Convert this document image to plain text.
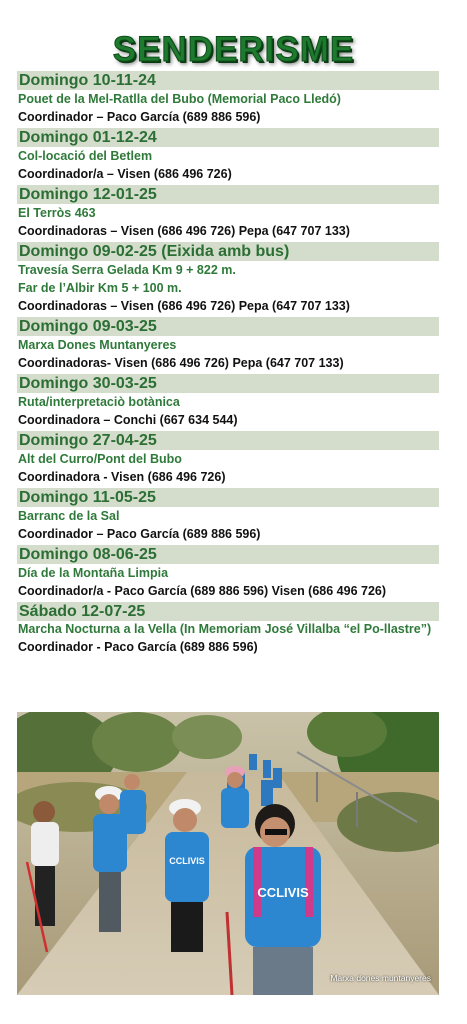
SENDERISME
Domingo 10-11-24
Pouet de la Mel-Ratlla del Bubo (Memorial Paco Lledó)
Coordinador – Paco García (689 886 596)
Domingo 01-12-24
Col-locació del Betlem
Coordinador/a – Visen (686 496 726)
Domingo 12-01-25
El Terròs 463
Coordinadoras – Visen (686 496 726) Pepa (647 707 133)
Domingo 09-02-25 (Eixida amb bus)
Travesía Serra Gelada Km 9 + 822 m.
Far de l’Albir Km 5 + 100 m.
Coordinadoras – Visen (686 496 726) Pepa (647 707 133)
Domingo 09-03-25
Marxa Dones Muntanyeres
Coordinadoras- Visen (686 496 726) Pepa (647 707 133)
Domingo 30-03-25
Ruta/interpretaciò botànica
Coordinadora – Conchi (667 634 544)
Domingo 27-04-25
Alt del Curro/Pont del Bubo
Coordinadora - Visen (686 496 726)
Domingo 11-05-25
Barranc de la Sal
Coordinador – Paco García (689 886 596)
Domingo 08-06-25
Día de la Montaña Limpia
Coordinador/a - Paco García (689 886 596) Visen (686 496 726)
Sábado 12-07-25
Marcha Nocturna a la Vella (In Memoriam José Villalba “el Po-llastre”)
Coordinador - Paco García (689 886 596)
CCLIVIS
CCLIVIS
Marxa dones muntanyeres
